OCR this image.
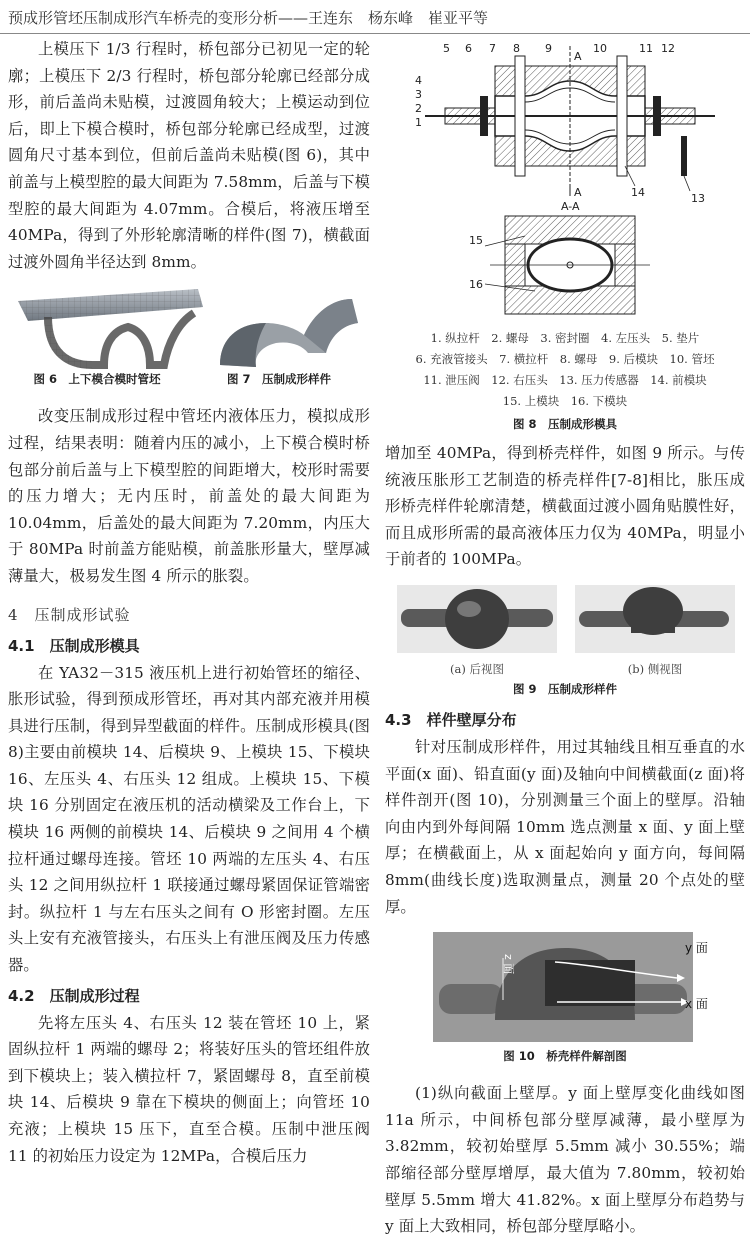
预成形管坯压制成形汽车桥壳的变形分析——王连东　杨东峰　崔亚平等

上模压下 1/3 行程时，桥包部分已初见一定的轮廓；上模压下 2/3 行程时，桥包部分轮廓已经部分成形，前后盖尚未贴模，过渡圆角较大；上模运动到位后，即上下模合模时，桥包部分轮廓已经成型，过渡圆角尺寸基本到位，但前后盖尚未贴模(图 6)，其中前盖与上模型腔的最大间距为 7.58mm，后盖与下模型腔的最大间距为 4.07mm。合模后，将液压增至 40MPa，得到了外形轮廓清晰的样件(图 7)，横截面过渡外圆角半径达到 8mm。

图 6　上下模合模时管坯	图 7　压制成形样件

改变压制成形过程中管坯内液体压力，模拟成形过程，结果表明：随着内压的减小，上下模合模时桥包部分前后盖与上下模型腔的间距增大，校形时需要的压力增大；无内压时，前盖处的最大间距为 10.04mm，后盖处的最大间距为 7.20mm，内压大于 80MPa 时前盖方能贴模，前盖胀形量大，壁厚减薄量大，极易发生图 4 所示的胀裂。

4　压制成形试验
4.1　压制成形模具

在 YA32－315 液压机上进行初始管坯的缩径、胀形试验，得到预成形管坯，再对其内部充液并用模具进行压制，得到异型截面的样件。压制成形模具(图 8)主要由前模块 14、后模块 9、上模块 15、下模块 16、左压头 4、右压头 12 组成。上模块 15、下模块 16 分别固定在液压机的活动横梁及工作台上，下模块 16 两侧的前模块 14、后模块 9 之间用 4 个横拉杆通过螺母连接。管坯 10 两端的左压头 4、右压头 12 之间用纵拉杆 1 联接通过螺母紧固保证管端密封。纵拉杆 1 与左右压头之间有 O 形密封圈。左压头上安有充液管接头，右压头上有泄压阀及压力传感器。

4.2　压制成形过程

先将左压头 4、右压头 12 装在管坯 10 上，紧固纵拉杆 1 两端的螺母 2；将装好压头的管坯组件放到下模块上；装入横拉杆 7，紧固螺母 8，直至前模块 14、后模块 9 靠在下模块的侧面上；向管坯 10 充液；上模块 15 压下，直至合模。压制中泄压阀 11 的初始压力设定为 12MPa，合模后压力

5 6 7 8 9	10	11 12
4
3
2
1
13
14
15
16
A
A
A-A
1. 纵拉杆　2. 螺母　3. 密封圈　4. 左压头　5. 垫片
6. 充液管接头　7. 横拉杆　8. 螺母　9. 后模块　10. 管坯
11. 泄压阀　12. 右压头　13. 压力传感器　14. 前模块
15. 上模块　16. 下模块
图 8　压制成形模具

增加至 40MPa，得到桥壳样件，如图 9 所示。与传统液压胀形工艺制造的桥壳样件[7-8]相比，胀压成形桥壳样件轮廓清楚，横截面过渡小圆角贴膜性好，而且成形所需的最高液体压力仅为 40MPa，明显小于前者的 100MPa。

(a) 后视图	(b) 侧视图
图 9　压制成形样件
4.3　样件壁厚分布

针对压制成形样件，用过其轴线且相互垂直的水平面(x 面)、铅直面(y 面)及轴向中间横截面(z 面)将样件剖开(图 10)，分别测量三个面上的壁厚。沿轴向由内到外每间隔 10mm 选点测量 x 面、y 面上壁厚；在横截面上，从 x 面起始向 y 面方向，每间隔 8mm(曲线长度)选取测量点，测量 20 个点处的壁厚。

y 面
x 面
z 面
图 10　桥壳样件解剖图

(1)纵向截面上壁厚。y 面上壁厚变化曲线如图 11a 所示，中间桥包部分壁厚减薄，最小壁厚为 3.82mm，较初始壁厚 5.5mm 减小 30.55%；端部缩径部分壁厚增厚，最大值为 7.80mm，较初始壁厚 5.5mm 增大 41.82%。x 面上壁厚分布趋势与 y 面上大致相同，桥包部分壁厚略小。
